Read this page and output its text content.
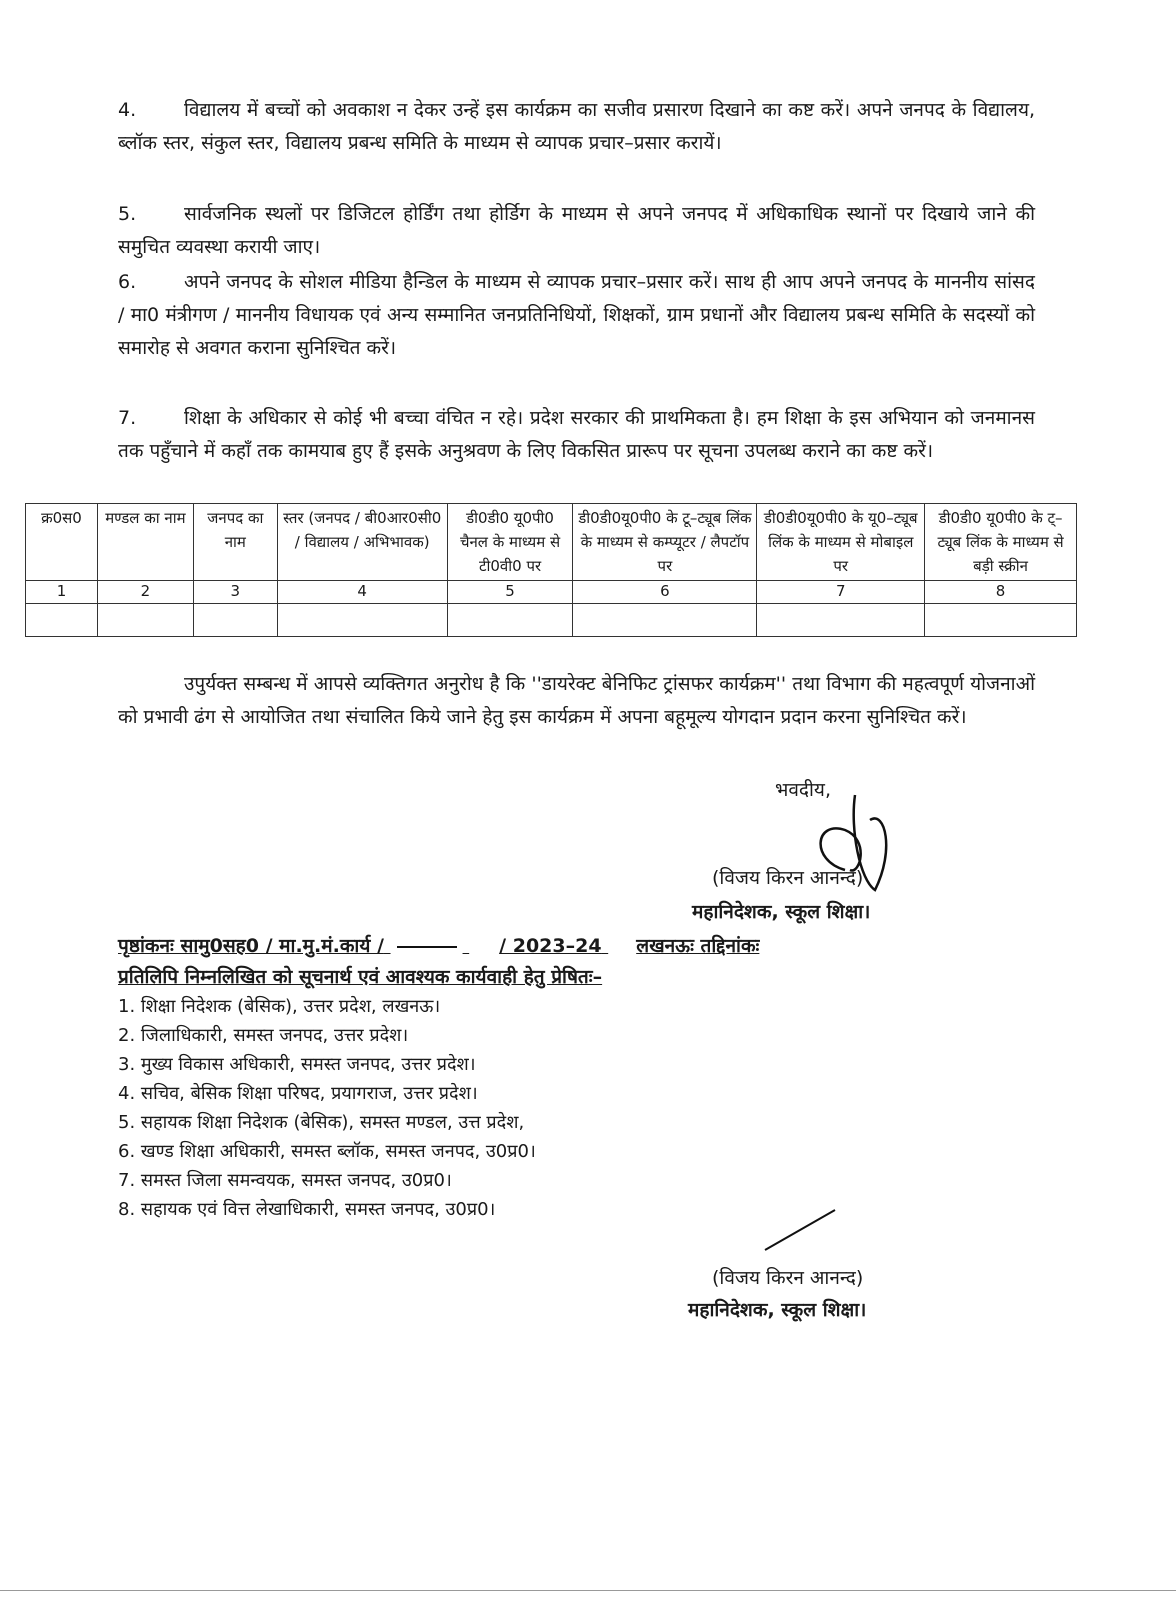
4.	विद्यालय में बच्चों को अवकाश न देकर उन्हें इस कार्यक्रम का सजीव प्रसारण दिखाने का कष्ट करें। अपने जनपद के विद्यालय, ब्लॉक स्तर, संकुल स्तर, विद्यालय प्रबन्ध समिति के माध्यम से व्यापक प्रचार–प्रसार करायें।
5.	सार्वजनिक स्थलों पर डिजिटल होर्डिंग तथा होर्डिग के माध्यम से अपने जनपद में अधिकाधिक स्थानों पर दिखाये जाने की समुचित व्यवस्था करायी जाए।
6.	अपने जनपद के सोशल मीडिया हैन्डिल के माध्यम से व्यापक प्रचार–प्रसार करें। साथ ही आप अपने जनपद के माननीय सांसद / मा0 मंत्रीगण / माननीय विधायक एवं अन्य सम्मानित जनप्रतिनिधियों, शिक्षकों, ग्राम प्रधानों और विद्यालय प्रबन्ध समिति के सदस्यों को समारोह से अवगत कराना सुनिश्चित करें।
7.	शिक्षा के अधिकार से कोई भी बच्चा वंचित न रहे। प्रदेश सरकार की प्राथमिकता है। हम शिक्षा के इस अभियान को जनमानस तक पहुँचाने में कहाँ तक कामयाब हुए हैं इसके अनुश्रवण के लिए विकसित प्रारूप पर सूचना उपलब्ध कराने का कष्ट करें।
क्र0स0	मण्डल का नाम	जनपद का नाम	स्तर (जनपद / बी0आर0सी0 / विद्यालय / अभिभावक)	डी0डी0 यू0पी0 चैनल के माध्यम से टी0वी0 पर	डी0डी0यू0पी0 के टू–ट्यूब लिंक के माध्यम से कम्प्यूटर / लैपटॉप पर	डी0डी0यू0पी0 के यू0–ट्यूब लिंक के माध्यम से मोबाइल पर	डी0डी0 यू0पी0 के ट्–ट्यूब लिंक के माध्यम से बड़ी स्क्रीन
1	2	3	4	5	6	7	8

उपुर्यक्त सम्बन्ध में आपसे व्यक्तिगत अनुरोध है कि ''डायरेक्ट बेनिफिट ट्रांसफर कार्यक्रम'' तथा विभाग की महत्वपूर्ण योजनाओं को प्रभावी ढंग से आयोजित तथा संचालित किये जाने हेतु इस कार्यक्रम में अपना बहूमूल्य योगदान प्रदान करना सुनिश्चित करें।
भवदीय,
(विजय किरन आनन्द)
महानिदेशक, स्कूल शिक्षा।
पृष्ठांकनः सामु0सह0 / मा.मु.मं.कार्य /	/ 2023–24 लखनऊः तद्दिनांकः
प्रतिलिपि निम्नलिखित को सूचनार्थ एवं आवश्यक कार्यवाही हेतु प्रेषितः–
1. शिक्षा निदेशक (बेसिक), उत्तर प्रदेश, लखनऊ।
2. जिलाधिकारी, समस्त जनपद, उत्तर प्रदेश।
3. मुख्य विकास अधिकारी, समस्त जनपद, उत्तर प्रदेश।
4. सचिव, बेसिक शिक्षा परिषद, प्रयागराज, उत्तर प्रदेश।
5. सहायक शिक्षा निदेशक (बेसिक), समस्त मण्डल, उत्त प्रदेश,
6. खण्ड शिक्षा अधिकारी, समस्त ब्लॉक, समस्त जनपद, उ0प्र0।
7. समस्त जिला समन्वयक, समस्त जनपद, उ0प्र0।
8. सहायक एवं वित्त लेखाधिकारी, समस्त जनपद, उ0प्र0।
(विजय किरन आनन्द)
महानिदेशक, स्कूल शिक्षा।
